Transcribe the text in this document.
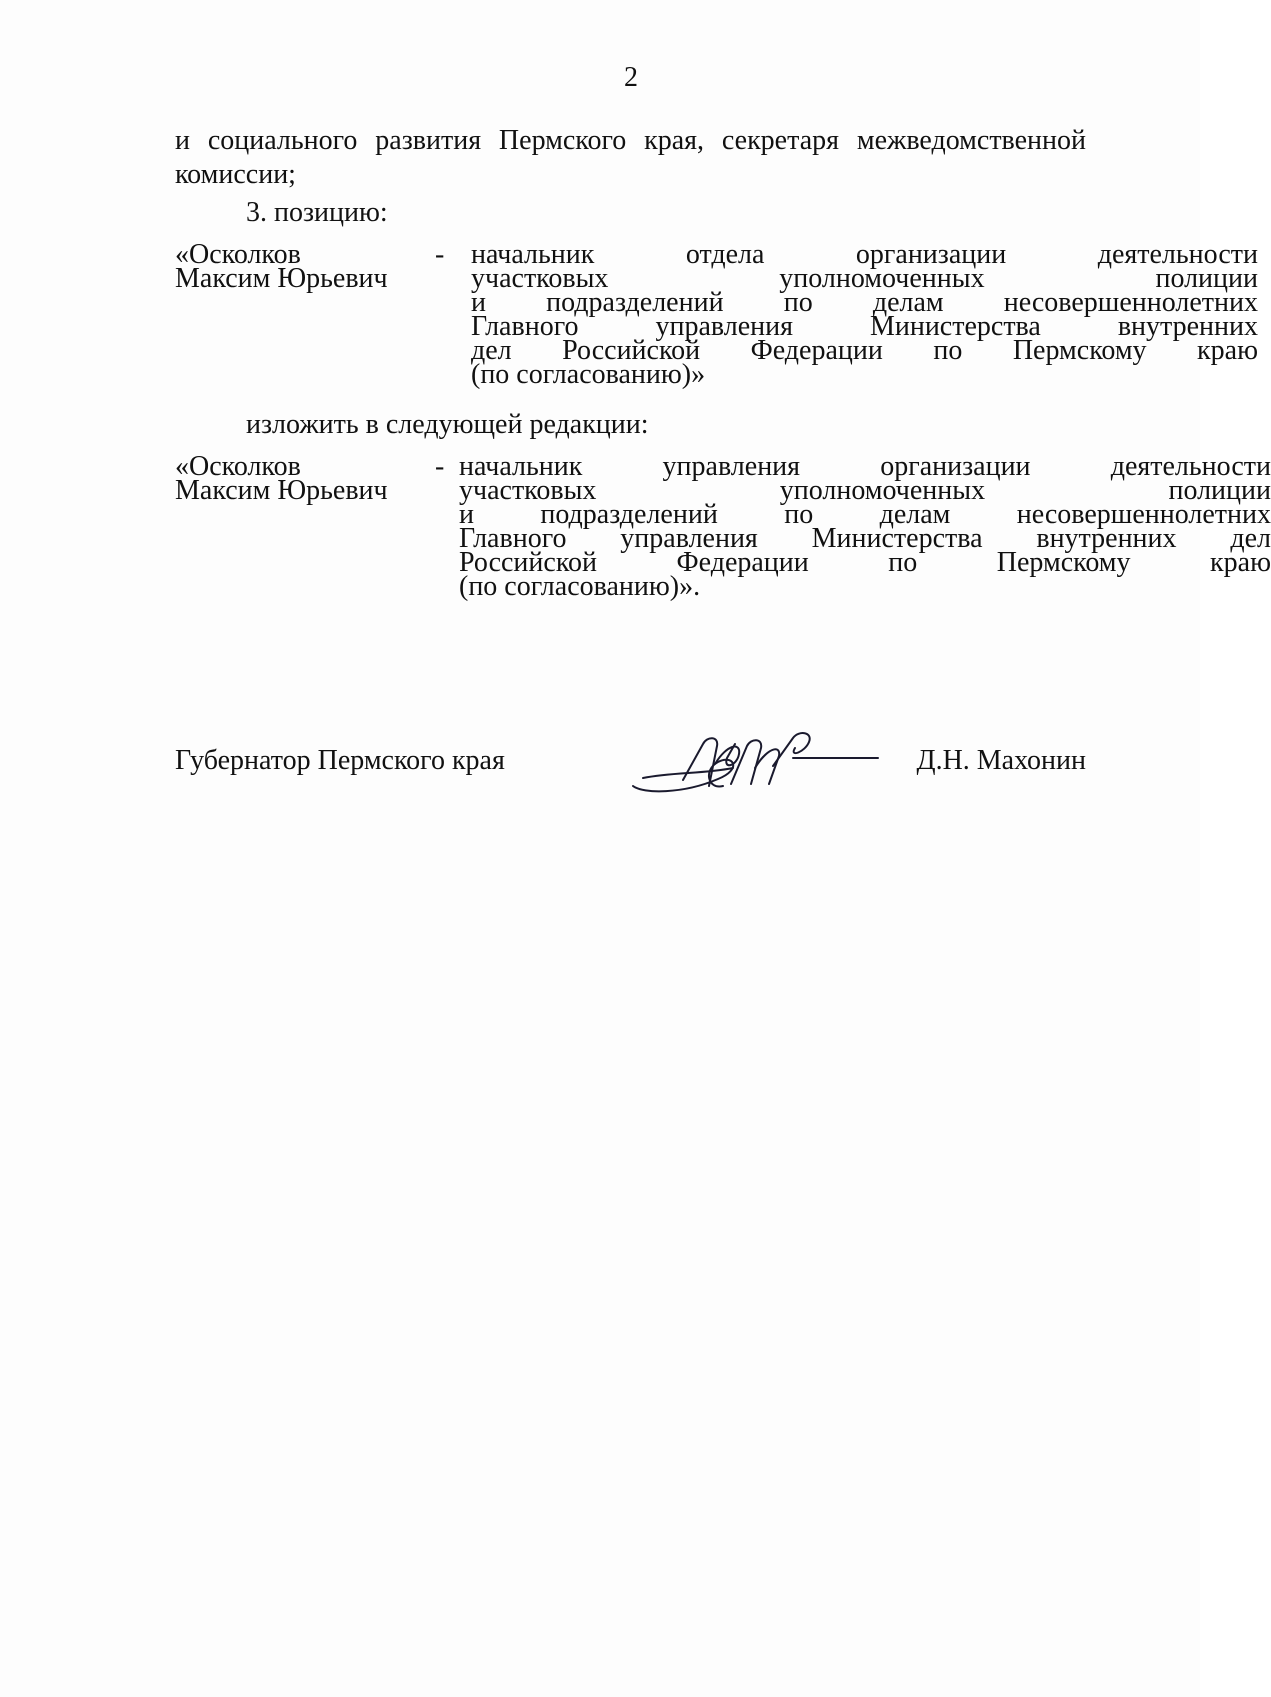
2
и социального развития Пермского края, секретаря межведомственной
комиссии;
3. позицию:
«Осколков
Максим Юрьевич
- начальник отдела организации деятельности
участковых	уполномоченных	полиции
и подразделений по делам несовершеннолетних
Главного управления Министерства внутренних
дел Российской Федерации по Пермскому краю
(по согласованию)»
изложить в следующей редакции:
«Осколков
Максим Юрьевич
- начальник управления организации деятельности
участковых	уполномоченных	полиции
и подразделений по делам несовершеннолетних
Главного управления Министерства внутренних дел
Российской	Федерации	по	Пермскому	краю
(по согласованию)».
Губернатор Пермского края	Д.Н. Махонин
